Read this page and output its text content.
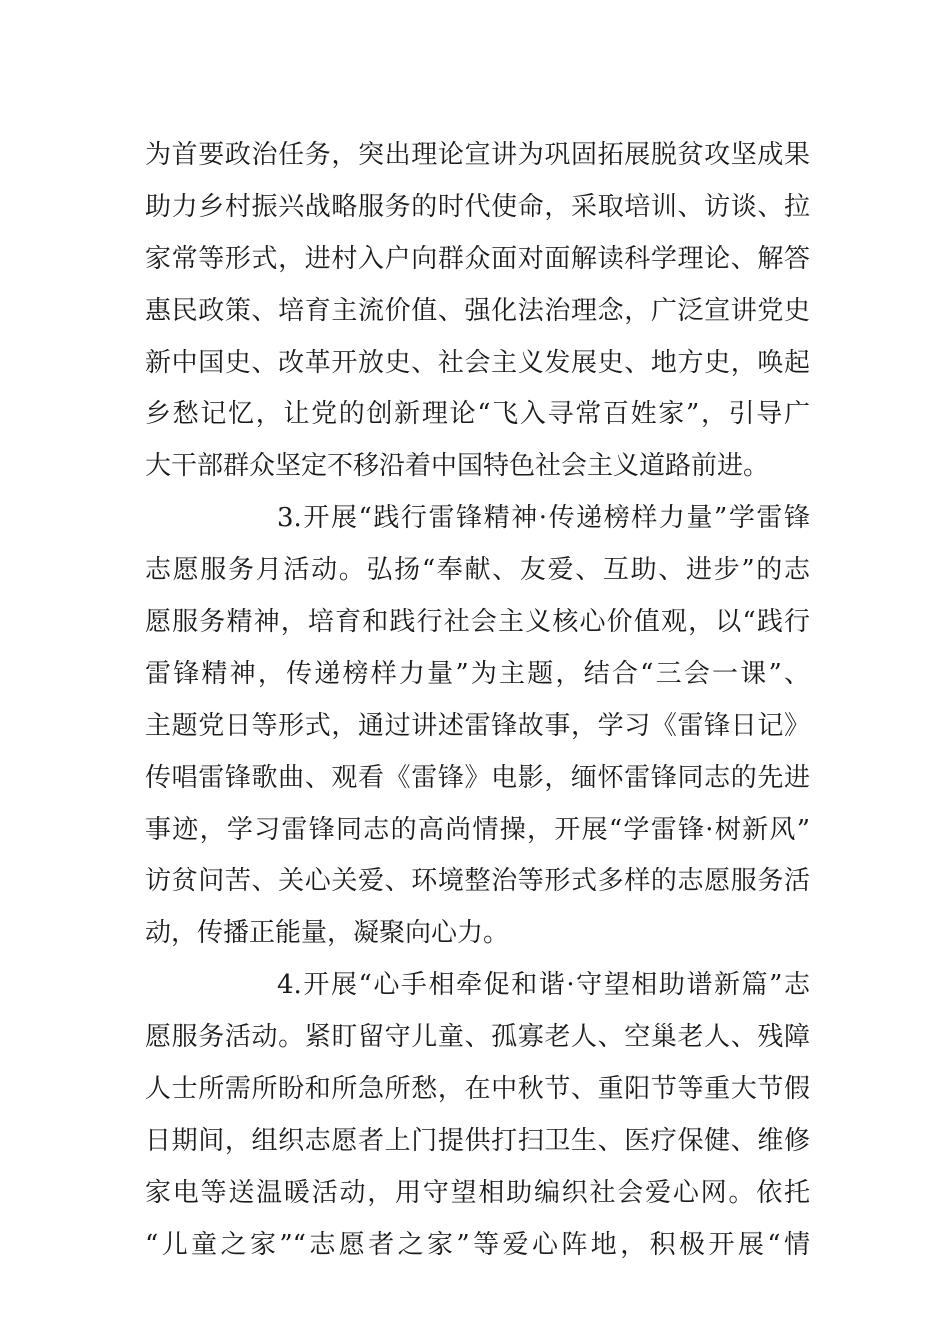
为首要政治任务，突出理论宣讲为巩固拓展脱贫攻坚成果
助力乡村振兴战略服务的时代使命，采取培训、访谈、拉
家常等形式，进村入户向群众面对面解读科学理论、解答
惠民政策、培育主流价值、强化法治理念，广泛宣讲党史
新中国史、改革开放史、社会主义发展史、地方史，唤起
乡愁记忆，让党的创新理论“飞入寻常百姓家”，引导广
大干部群众坚定不移沿着中国特色社会主义道路前进。
3.开展“践行雷锋精神·传递榜样力量”学雷锋
志愿服务月活动。弘扬“奉献、友爱、互助、进步”的志
愿服务精神，培育和践行社会主义核心价值观，以“践行
雷锋精神，传递榜样力量”为主题，结合“三会一课”、
主题党日等形式，通过讲述雷锋故事，学习《雷锋日记》
传唱雷锋歌曲、观看《雷锋》电影，缅怀雷锋同志的先进
事迹，学习雷锋同志的高尚情操，开展“学雷锋·树新风”
访贫问苦、关心关爱、环境整治等形式多样的志愿服务活
动，传播正能量，凝聚向心力。
4.开展“心手相牵促和谐·守望相助谱新篇”志
愿服务活动。紧盯留守儿童、孤寡老人、空巢老人、残障
人士所需所盼和所急所愁，在中秋节、重阳节等重大节假
日期间，组织志愿者上门提供打扫卫生、医疗保健、维修
家电等送温暖活动，用守望相助编织社会爱心网。依托
“儿童之家”“志愿者之家”等爱心阵地，积极开展“情
